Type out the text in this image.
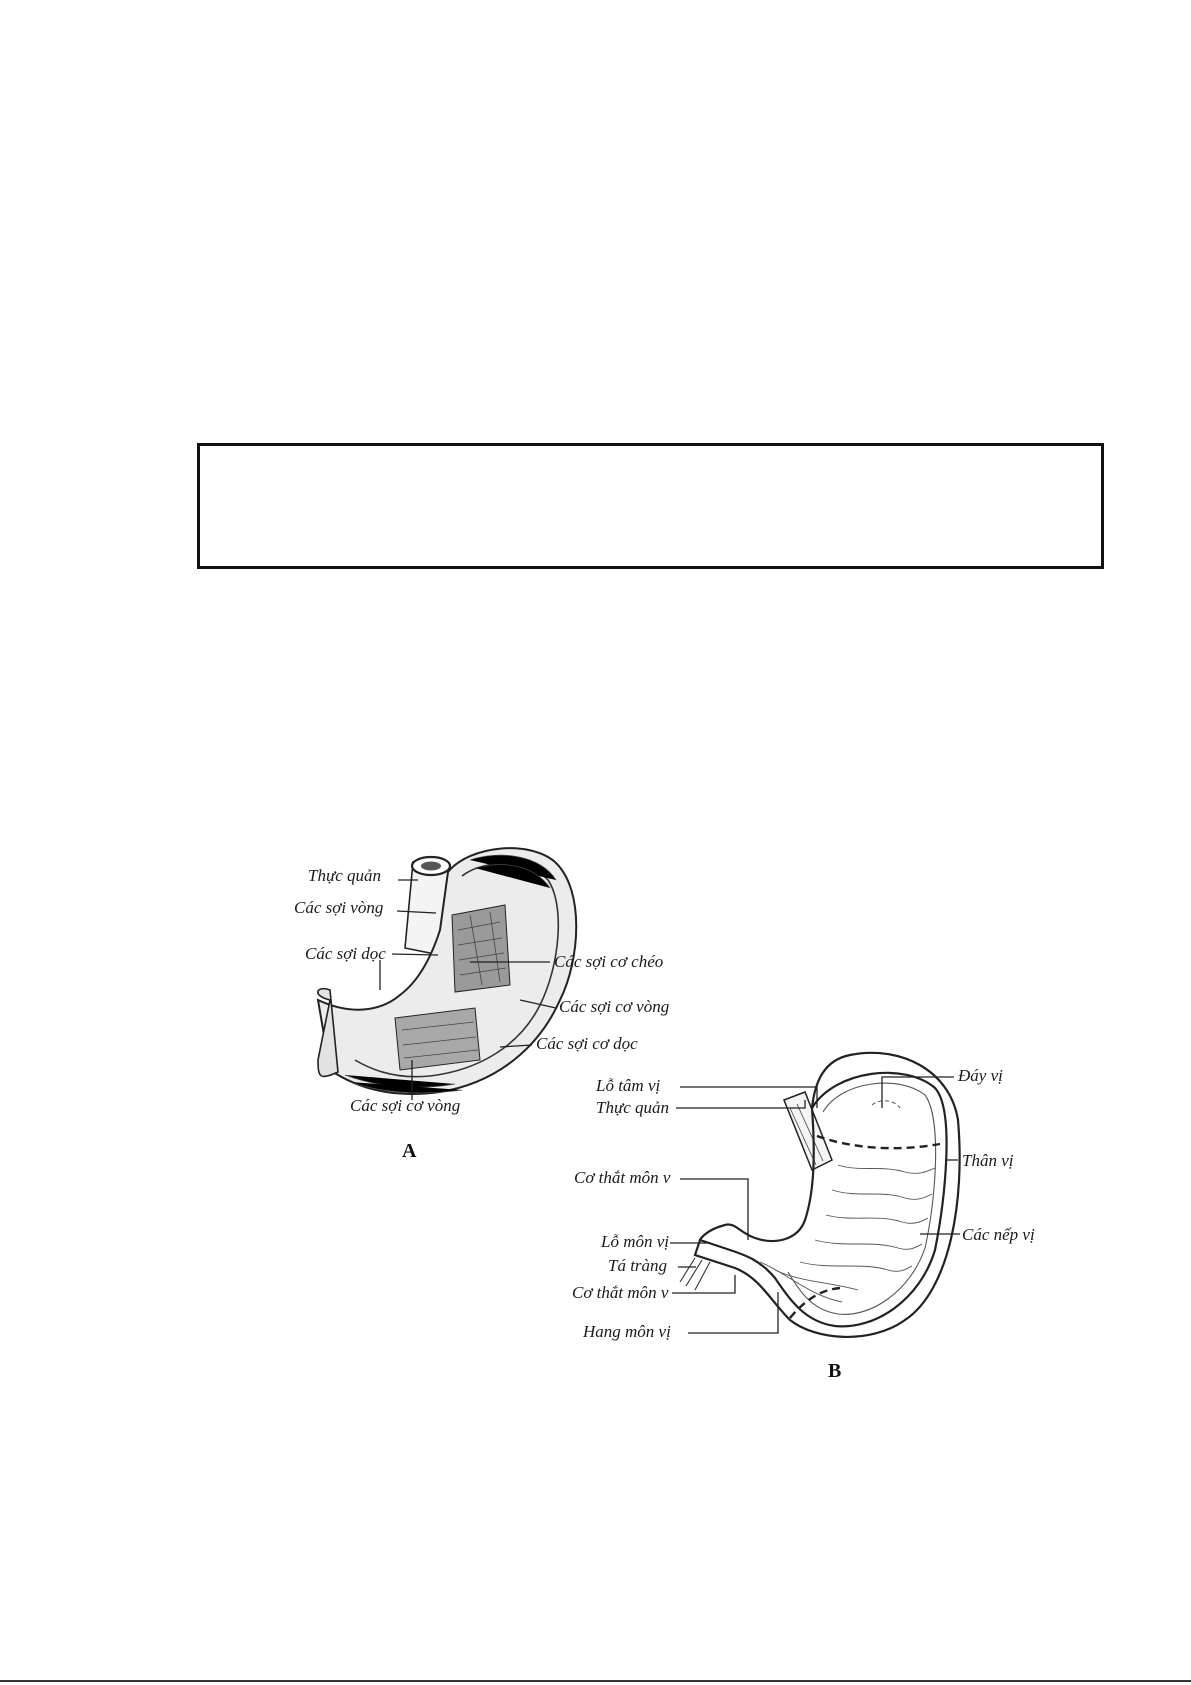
Thực quản
Các sợi vòng
Các sợi dọc	Các sợi cơ chéo
Các sợi cơ vòng
Các sợi cơ dọc
Các sợi cơ vòng
A
Lỗ tâm vị
Thực quản
Đáy vị
Thân vị
Các nếp vị
Cơ thắt môn v
Lỗ môn vị
Tá tràng
Cơ thắt môn v
Hang môn vị
B
